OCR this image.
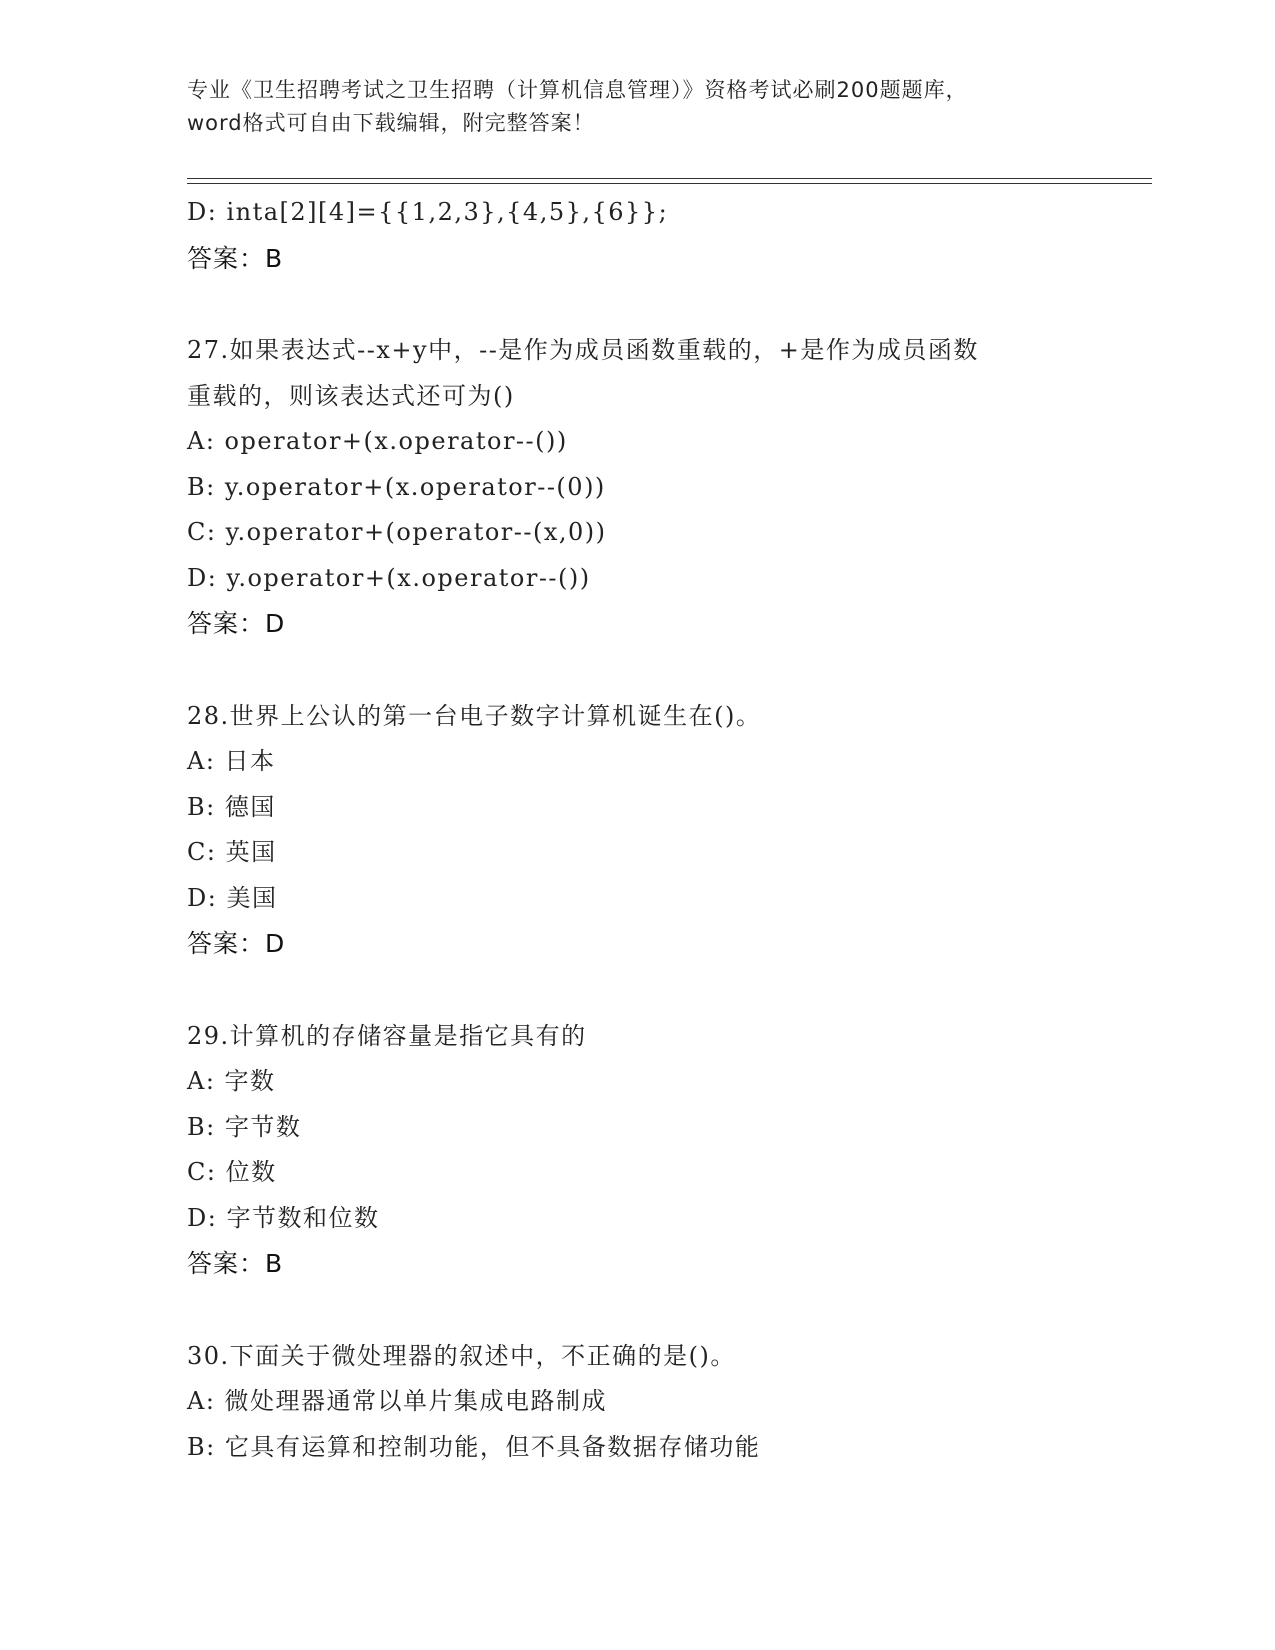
专业《卫生招聘考试之卫生招聘（计算机信息管理）》资格考试必刷200题题库，
word格式可自由下载编辑，附完整答案！
D: inta[2][4]={{1,2,3},{4,5},{6}};
答案：B
27.如果表达式--x+y中，--是作为成员函数重载的，+是作为成员函数
重载的，则该表达式还可为()
A: operator+(x.operator--())
B: y.operator+(x.operator--(0))
C: y.operator+(operator--(x,0))
D: y.operator+(x.operator--())
答案：D
28.世界上公认的第一台电子数字计算机诞生在()。
A: 日本
B: 德国
C: 英国
D: 美国
答案：D
29.计算机的存储容量是指它具有的
A: 字数
B: 字节数
C: 位数
D: 字节数和位数
答案：B
30.下面关于微处理器的叙述中，不正确的是()。
A: 微处理器通常以单片集成电路制成
B: 它具有运算和控制功能，但不具备数据存储功能
